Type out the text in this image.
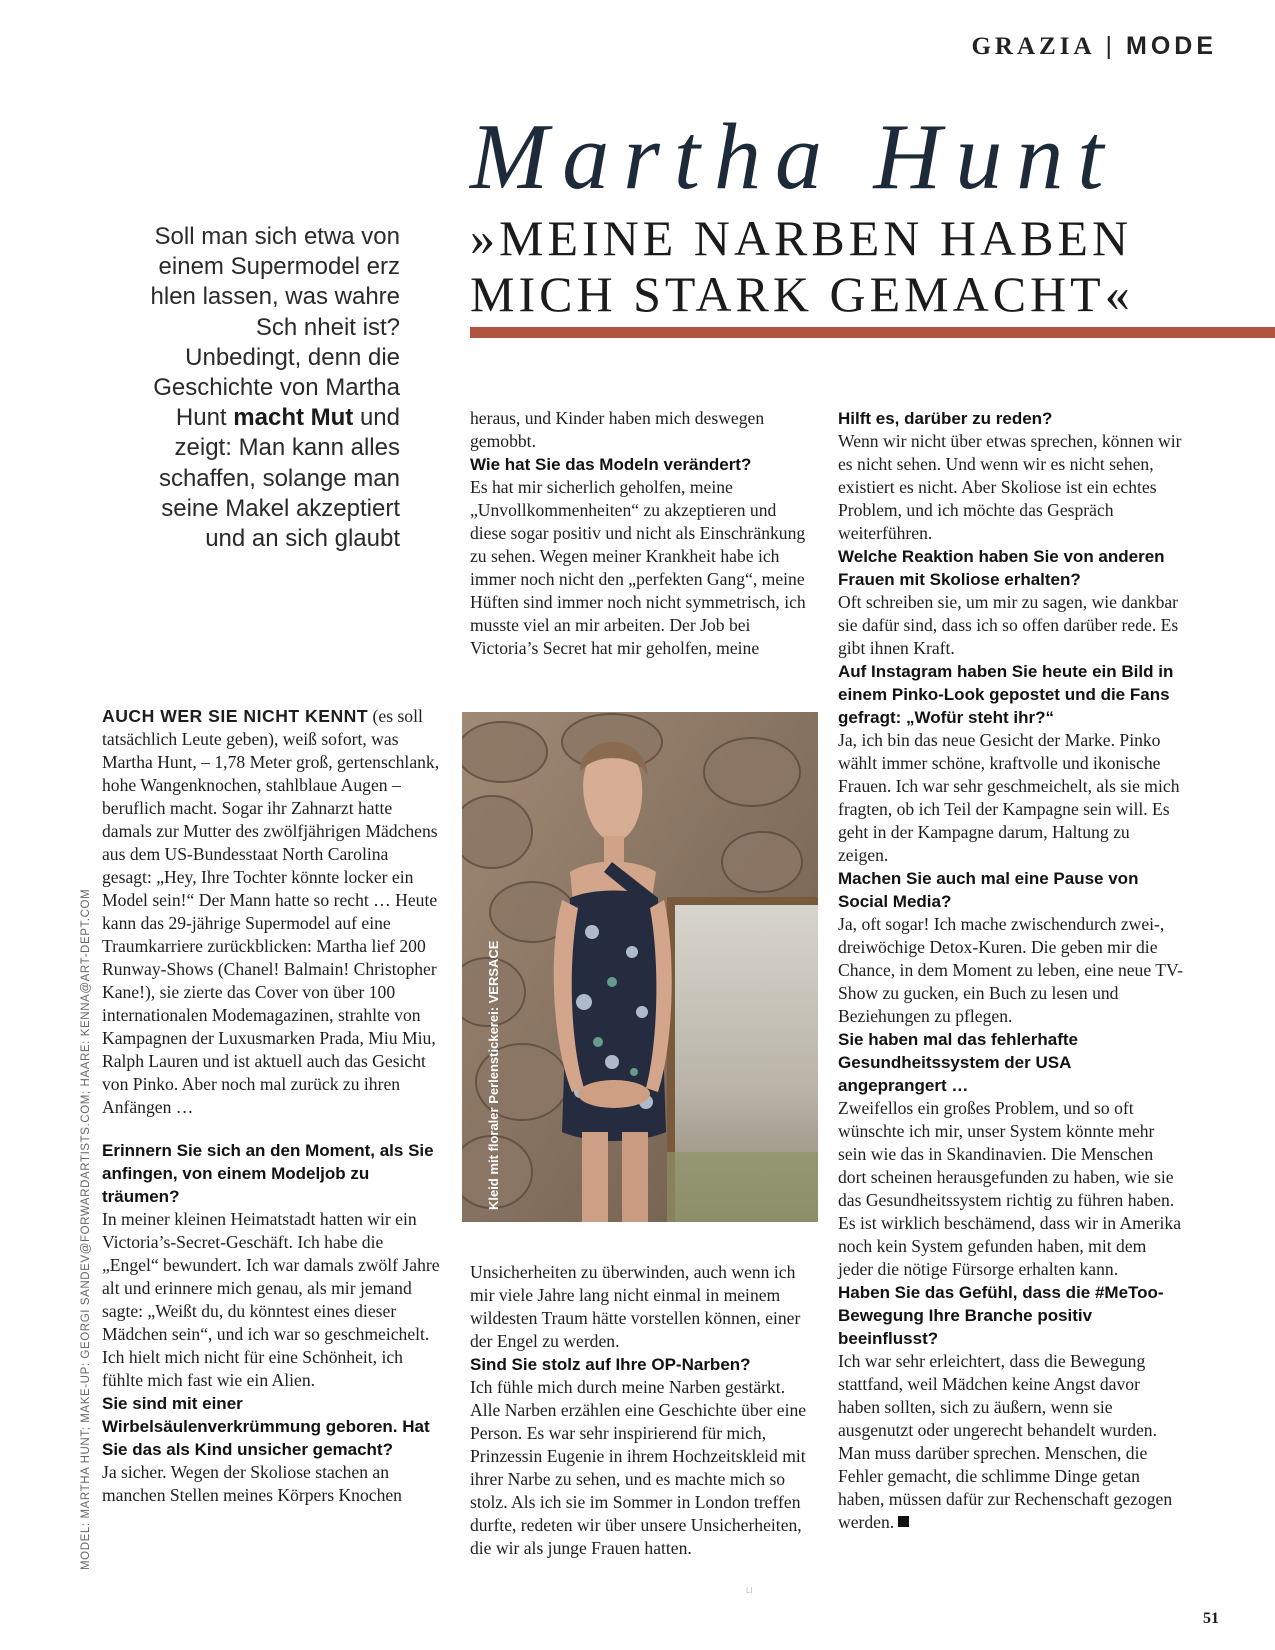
GRAZIA | MODE
Martha Hunt
»MEINE NARBEN HABEN
MICH STARK GEMACHT«
Soll man sich etwa von einem Supermodel erz hlen lassen, was wahre Sch nheit ist? Unbedingt, denn die Geschichte von Martha Hunt macht Mut und zeigt: Man kann alles schaffen, solange man seine Makel akzeptiert und an sich glaubt

AUCH WER SIE NICHT KENNT (es soll tatsächlich Leute geben), weiß sofort, was Martha Hunt, – 1,78 Meter groß, gertenschlank, hohe Wangenknochen, stahlblaue Augen – beruflich macht. Sogar ihr Zahnarzt hatte damals zur Mutter des zwölfjährigen Mädchens aus dem US-Bundesstaat North Carolina gesagt: „Hey, Ihre Tochter könnte locker ein Model sein!“ Der Mann hatte so recht … Heute kann das 29-jährige Supermodel auf eine Traumkarriere zurückblicken: Martha lief 200 Runway-Shows (Chanel! Balmain! Christopher Kane!), sie zierte das Cover von über 100 internationalen Modemagazinen, strahlte von Kampagnen der Luxusmarken Prada, Miu Miu, Ralph Lauren und ist aktuell auch das Gesicht von Pinko. Aber noch mal zurück zu ihren Anfängen …

Erinnern Sie sich an den Moment, als Sie anfingen, von einem Modeljob zu träumen?

In meiner kleinen Heimatstadt hatten wir ein Victoria’s-Secret-Geschäft. Ich habe die „Engel“ bewundert. Ich war damals zwölf Jahre alt und erinnere mich genau, als mir jemand sagte: „Weißt du, du könntest eines dieser Mädchen sein“, und ich war so geschmeichelt. Ich hielt mich nicht für eine Schönheit, ich fühlte mich fast wie ein Alien.

Sie sind mit einer Wirbelsäulenverkrümmung geboren. Hat Sie das als Kind unsicher gemacht?

Ja sicher. Wegen der Skoliose stachen an manchen Stellen meines Körpers Knochen

heraus, und Kinder haben mich deswegen gemobbt.

Wie hat Sie das Modeln verändert?

Es hat mir sicherlich geholfen, meine „Unvollkommenheiten“ zu akzeptieren und diese sogar positiv und nicht als Einschränkung zu sehen. Wegen meiner Krankheit habe ich immer noch nicht den „perfekten Gang“, meine Hüften sind immer noch nicht symmetrisch, ich musste viel an mir arbeiten. Der Job bei Victoria’s Secret hat mir geholfen, meine

Kleid mit floraler Perlenstickerei: VERSACE

Unsicherheiten zu überwinden, auch wenn ich mir viele Jahre lang nicht einmal in meinem wildesten Traum hätte vorstellen können, einer der Engel zu werden.

Sind Sie stolz auf Ihre OP-Narben?

Ich fühle mich durch meine Narben gestärkt. Alle Narben erzählen eine Geschichte über eine Person. Es war sehr inspirierend für mich, Prinzessin Eugenie in ihrem Hochzeitskleid mit ihrer Narbe zu sehen, und es machte mich so stolz. Als ich sie im Sommer in London treffen durfte, redeten wir über unsere Unsicherheiten, die wir als junge Frauen hatten.

Hilft es, darüber zu reden?

Wenn wir nicht über etwas sprechen, können wir es nicht sehen. Und wenn wir es nicht sehen, existiert es nicht. Aber Skoliose ist ein echtes Problem, und ich möchte das Gespräch weiterführen.

Welche Reaktion haben Sie von anderen Frauen mit Skoliose erhalten?

Oft schreiben sie, um mir zu sagen, wie dankbar sie dafür sind, dass ich so offen darüber rede. Es gibt ihnen Kraft.

Auf Instagram haben Sie heute ein Bild in einem Pinko-Look gepostet und die Fans gefragt: „Wofür steht ihr?“

Ja, ich bin das neue Gesicht der Marke. Pinko wählt immer schöne, kraftvolle und ikonische Frauen. Ich war sehr geschmeichelt, als sie mich fragten, ob ich Teil der Kampagne sein will. Es geht in der Kampagne darum, Haltung zu zeigen.

Machen Sie auch mal eine Pause von Social Media?

Ja, oft sogar! Ich mache zwischendurch zwei-, dreiwöchige Detox-Kuren. Die geben mir die Chance, in dem Moment zu leben, eine neue TV-Show zu gucken, ein Buch zu lesen und Beziehungen zu pflegen.

Sie haben mal das fehlerhafte Gesundheitssystem der USA angeprangert …

Zweifellos ein großes Problem, und so oft wünschte ich mir, unser System könnte mehr sein wie das in Skandinavien. Die Menschen dort scheinen herausgefunden zu haben, wie sie das Gesundheitssystem richtig zu führen haben. Es ist wirklich beschämend, dass wir in Amerika noch kein System gefunden haben, mit dem jeder die nötige Fürsorge erhalten kann.

Haben Sie das Gefühl, dass die #MeToo-Bewegung Ihre Branche positiv beeinflusst?

Ich war sehr erleichtert, dass die Bewegung stattfand, weil Mädchen keine Angst davor haben sollten, sich zu äußern, wenn sie ausgenutzt oder ungerecht behandelt wurden. Man muss darüber sprechen. Menschen, die Fehler gemacht, die schlimme Dinge getan haben, müssen dafür zur Rechenschaft gezogen werden.

MODEL: MARTHA HUNT; MAKE-UP: GEORGI SANDEV@FORWARDARTISTS.COM; HAARE: KENNA@ART-DEPT.COM
LI
51
